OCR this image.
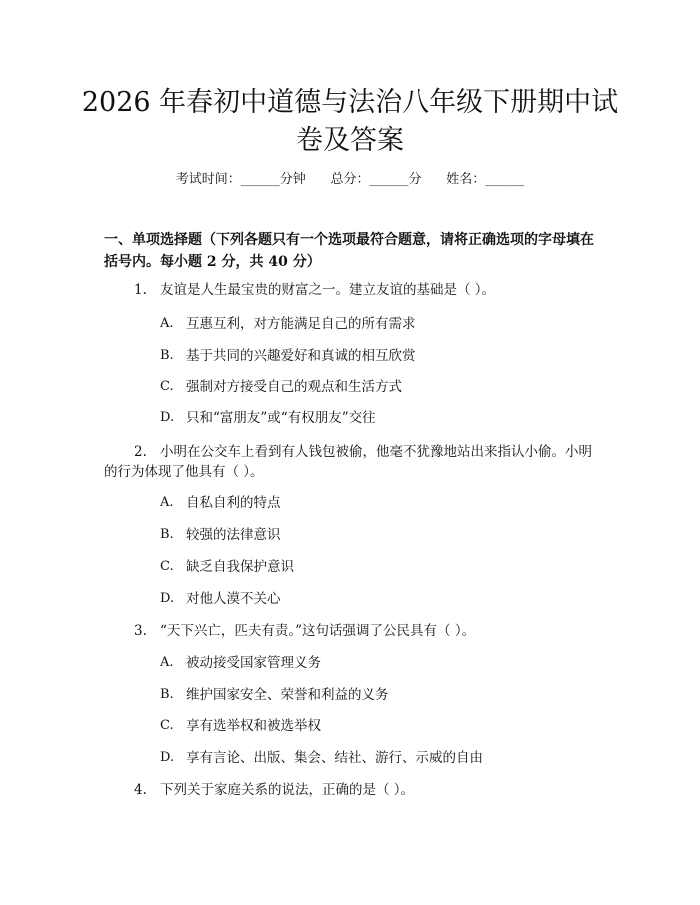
2026 年春初中道德与法治八年级下册期中试
卷及答案
考试时间：______分钟      总分：______分      姓名：______
一、单项选择题（下列各题只有一个选项最符合题意，请将正确选项的字母填在
括号内。每小题 2 分，共 40 分）
1. 友谊是人生最宝贵的财富之一。建立友谊的基础是（ ）。
A. 互惠互利，对方能满足自己的所有需求
B. 基于共同的兴趣爱好和真诚的相互欣赏
C. 强制对方接受自己的观点和生活方式
D. 只和“富朋友”或“有权朋友”交往
2. 小明在公交车上看到有人钱包被偷，他毫不犹豫地站出来指认小偷。小明
的行为体现了他具有（ ）。
A. 自私自利的特点
B. 较强的法律意识
C. 缺乏自我保护意识
D. 对他人漠不关心
3. “天下兴亡，匹夫有责。”这句话强调了公民具有（ ）。
A. 被动接受国家管理义务
B. 维护国家安全、荣誉和利益的义务
C. 享有选举权和被选举权
D. 享有言论、出版、集会、结社、游行、示威的自由
4. 下列关于家庭关系的说法，正确的是（ ）。
